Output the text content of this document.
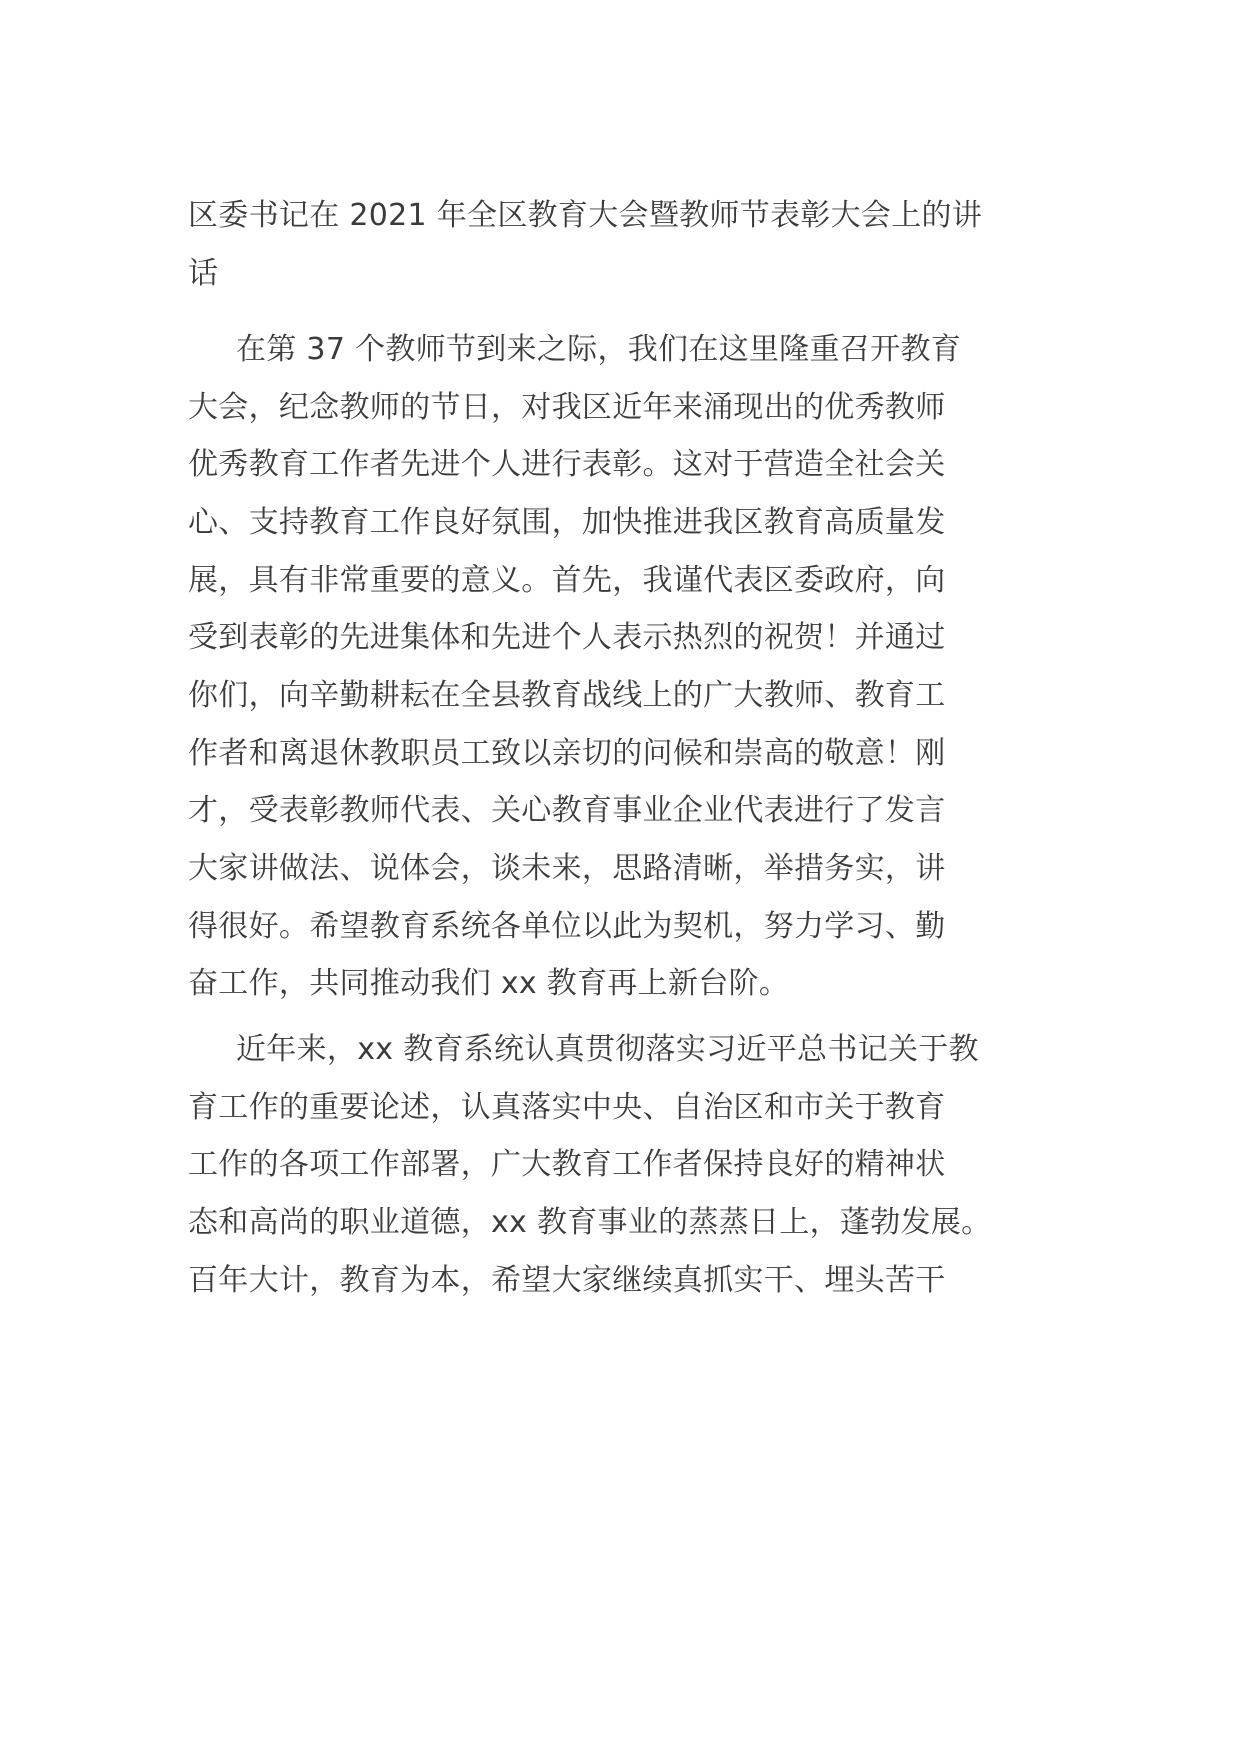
区委书记在 2021 年全区教育大会暨教师节表彰大会上的讲
话
在第 37 个教师节到来之际，我们在这里隆重召开教育
大会，纪念教师的节日，对我区近年来涌现出的优秀教师
优秀教育工作者先进个人进行表彰。这对于营造全社会关
心、支持教育工作良好氛围，加快推进我区教育高质量发
展，具有非常重要的意义。首先，我谨代表区委政府，向
受到表彰的先进集体和先进个人表示热烈的祝贺！并通过
你们，向辛勤耕耘在全县教育战线上的广大教师、教育工
作者和离退休教职员工致以亲切的问候和崇高的敬意！刚
才，受表彰教师代表、关心教育事业企业代表进行了发言
大家讲做法、说体会，谈未来，思路清晰，举措务实，讲
得很好。希望教育系统各单位以此为契机，努力学习、勤
奋工作，共同推动我们 xx 教育再上新台阶。
近年来，xx 教育系统认真贯彻落实习近平总书记关于教
育工作的重要论述，认真落实中央、自治区和市关于教育
工作的各项工作部署，广大教育工作者保持良好的精神状
态和高尚的职业道德，xx 教育事业的蒸蒸日上，蓬勃发展。
百年大计，教育为本，希望大家继续真抓实干、埋头苦干
